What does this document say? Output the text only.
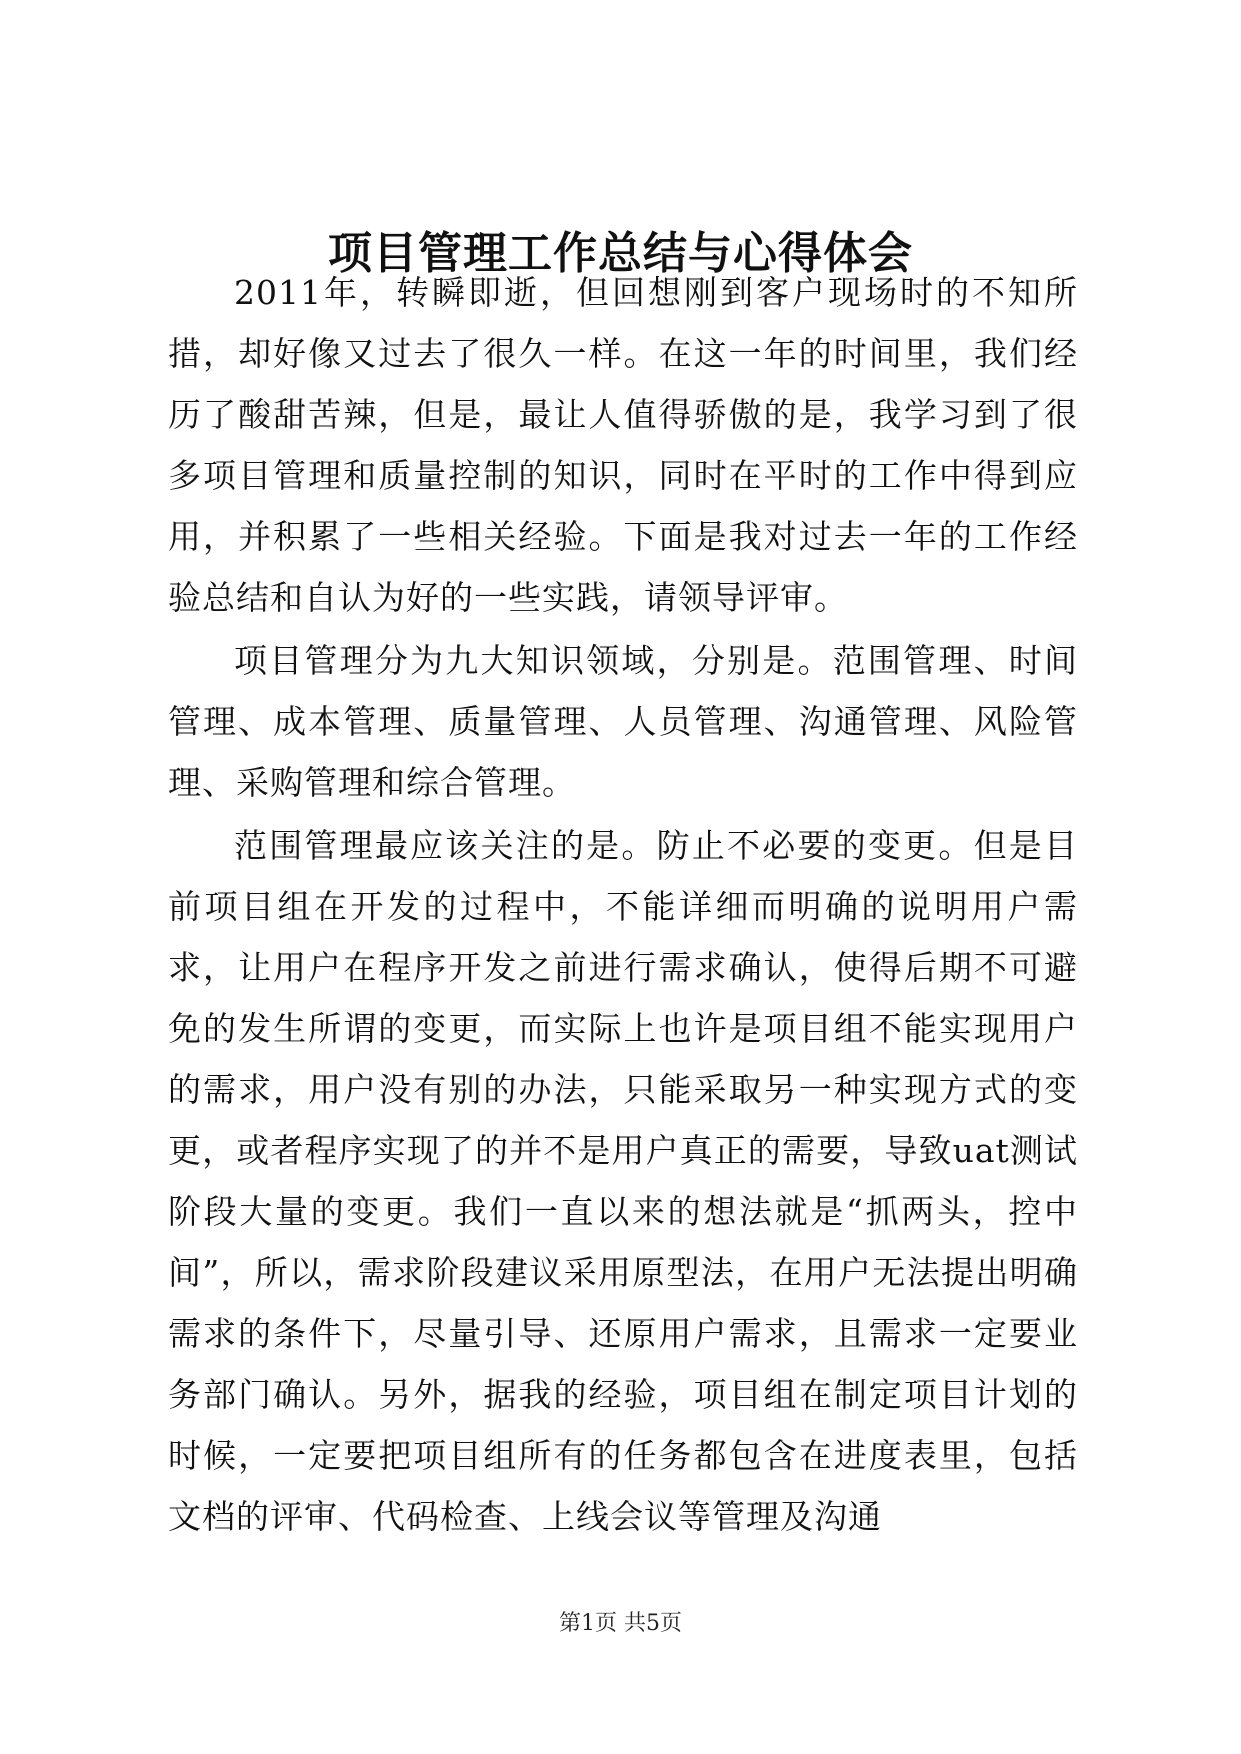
项目管理工作总结与心得体会

2011年，转瞬即逝，但回想刚到客户现场时的不知所措，却好像又过去了很久一样。在这一年的时间里，我们经历了酸甜苦辣，但是，最让人值得骄傲的是，我学习到了很多项目管理和质量控制的知识，同时在平时的工作中得到应用，并积累了一些相关经验。下面是我对过去一年的工作经验总结和自认为好的一些实践，请领导评审。

项目管理分为九大知识领域，分别是。范围管理、时间管理、成本管理、质量管理、人员管理、沟通管理、风险管理、采购管理和综合管理。

范围管理最应该关注的是。防止不必要的变更。但是目前项目组在开发的过程中，不能详细而明确的说明用户需求，让用户在程序开发之前进行需求确认，使得后期不可避免的发生所谓的变更，而实际上也许是项目组不能实现用户的需求，用户没有别的办法，只能采取另一种实现方式的变更，或者程序实现了的并不是用户真正的需要，导致uat测试阶段大量的变更。我们一直以来的想法就是“抓两头，控中间”，所以，需求阶段建议采用原型法，在用户无法提出明确需求的条件下，尽量引导、还原用户需求，且需求一定要业务部门确认。另外，据我的经验，项目组在制定项目计划的时候，一定要把项目组所有的任务都包含在进度表里，包括文档的评审、代码检查、上线会议等管理及沟通

第1页 共5页
